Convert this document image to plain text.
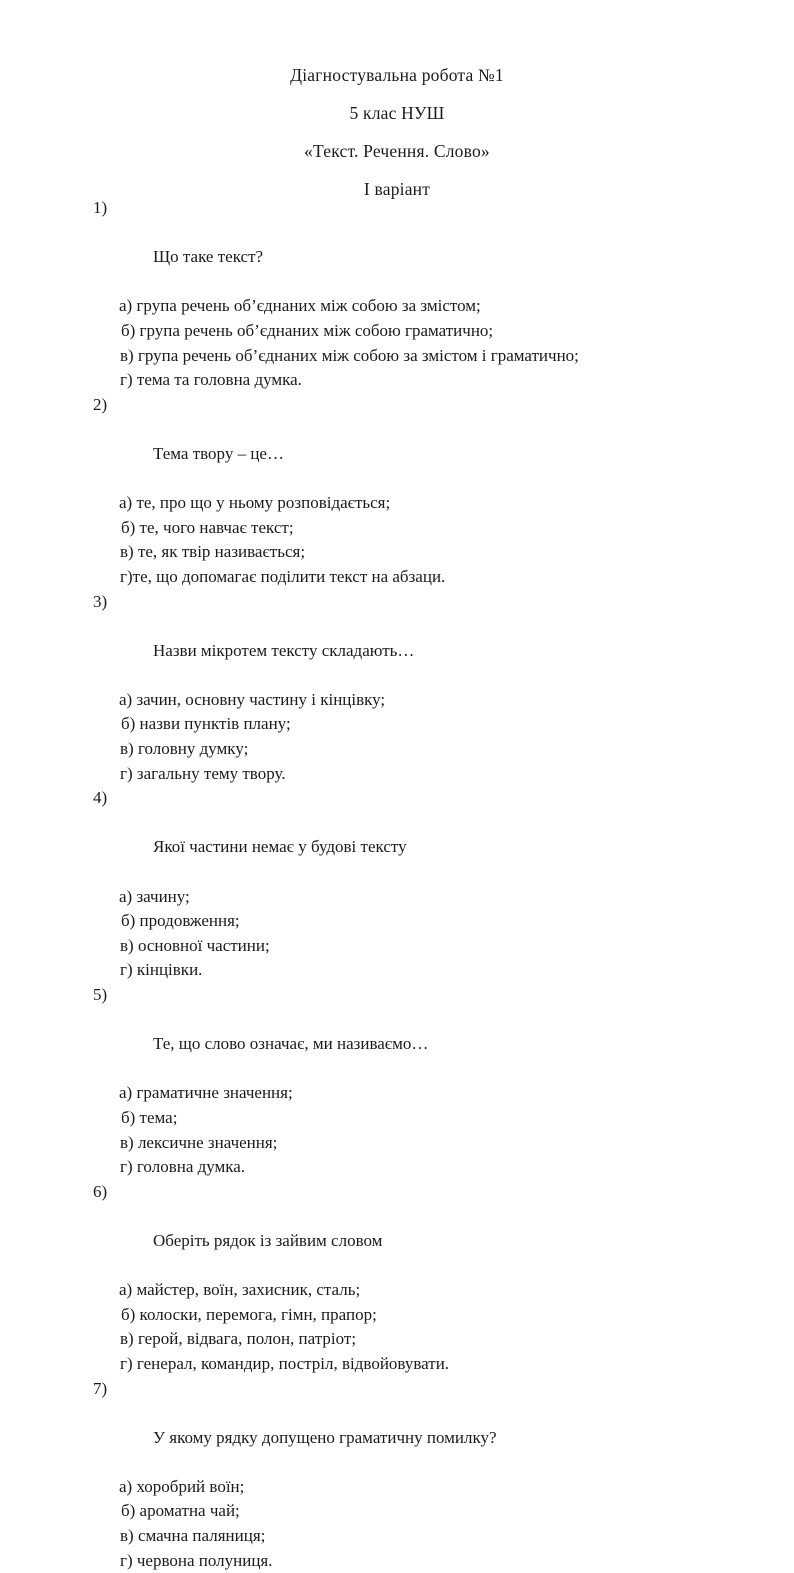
Діагностувальна робота №1
5 клас НУШ
«Текст. Речення. Слово»
І варіант

1)

Що таке текст?

а) група речень об’єднаних між собою за змістом;
б) група речень об’єднаних між собою граматично;
в) група речень об’єднаних між собою за змістом і граматично;
г) тема та головна думка.

2)

Тема твору – це…

а) те, про що у ньому розповідається;
б) те, чого навчає текст;
в) те, як твір називається;
г)те, що допомагає поділити текст на абзаци.

3)

Назви мікротем тексту складають…

а) зачин, основну частину і кінцівку;
б) назви пунктів плану;
в) головну думку;
г) загальну тему твору.

4)

Якої частини немає у будові тексту

а) зачину;
б) продовження;
в) основної частини;
г) кінцівки.

5)

Те, що слово означає, ми називаємо…

а) граматичне значення;
б) тема;
в) лексичне значення;
г) головна думка.

6)

Оберіть рядок із зайвим словом

а) майстер, воїн, захисник, сталь;
б) колоски, перемога, гімн, прапор;
в) герой, відвага, полон, патріот;
г) генерал, командир, постріл, відвойовувати.

7)

У якому рядку допущено граматичну помилку?

а) хоробрий воїн;
б) ароматна чай;
в) смачна паляниця;
г) червона полуниця.
